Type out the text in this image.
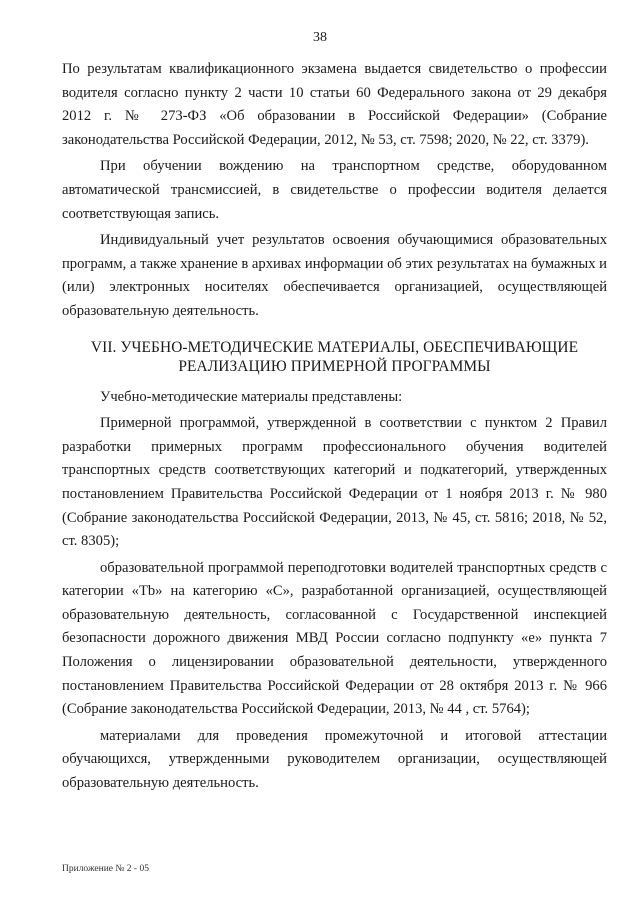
38

По результатам квалификационного экзамена выдается свидетельство о профессии водителя согласно пункту 2 части 10 статьи 60 Федерального закона от 29 декабря 2012 г. № 273-ФЗ «Об образовании в Российской Федерации» (Собрание законодательства Российской Федерации, 2012, № 53, ст. 7598; 2020, № 22, ст. 3379).

При обучении вождению на транспортном средстве, оборудованном автоматической трансмиссией, в свидетельстве о профессии водителя делается соответствующая запись.

Индивидуальный учет результатов освоения обучающимися образовательных программ, а также хранение в архивах информации об этих результатах на бумажных и (или) электронных носителях обеспечивается организацией, осуществляющей образовательную деятельность.

VII. УЧЕБНО-МЕТОДИЧЕСКИЕ МАТЕРИАЛЫ, ОБЕСПЕЧИВАЮЩИЕ
РЕАЛИЗАЦИЮ ПРИМЕРНОЙ ПРОГРАММЫ

Учебно-методические материалы представлены:

Примерной программой, утвержденной в соответствии с пунктом 2 Правил разработки примерных программ профессионального обучения водителей транспортных средств соответствующих категорий и подкатегорий, утвержденных постановлением Правительства Российской Федерации от 1 ноября 2013 г. № 980 (Собрание законодательства Российской Федерации, 2013, № 45, ст. 5816; 2018, № 52, ст. 8305);

образовательной программой переподготовки водителей транспортных средств с категории «Тb» на категорию «С», разработанной организацией, осуществляющей образовательную деятельность, согласованной с Государственной инспекцией безопасности дорожного движения МВД России согласно подпункту «е» пункта 7 Положения о лицензировании образовательной деятельности, утвержденного постановлением Правительства Российской Федерации от 28 октября 2013 г. № 966 (Собрание законодательства Российской Федерации, 2013, № 44 , ст. 5764);

материалами для проведения промежуточной и итоговой аттестации обучающихся, утвержденными руководителем организации, осуществляющей образовательную деятельность.

Приложение № 2 - 05
